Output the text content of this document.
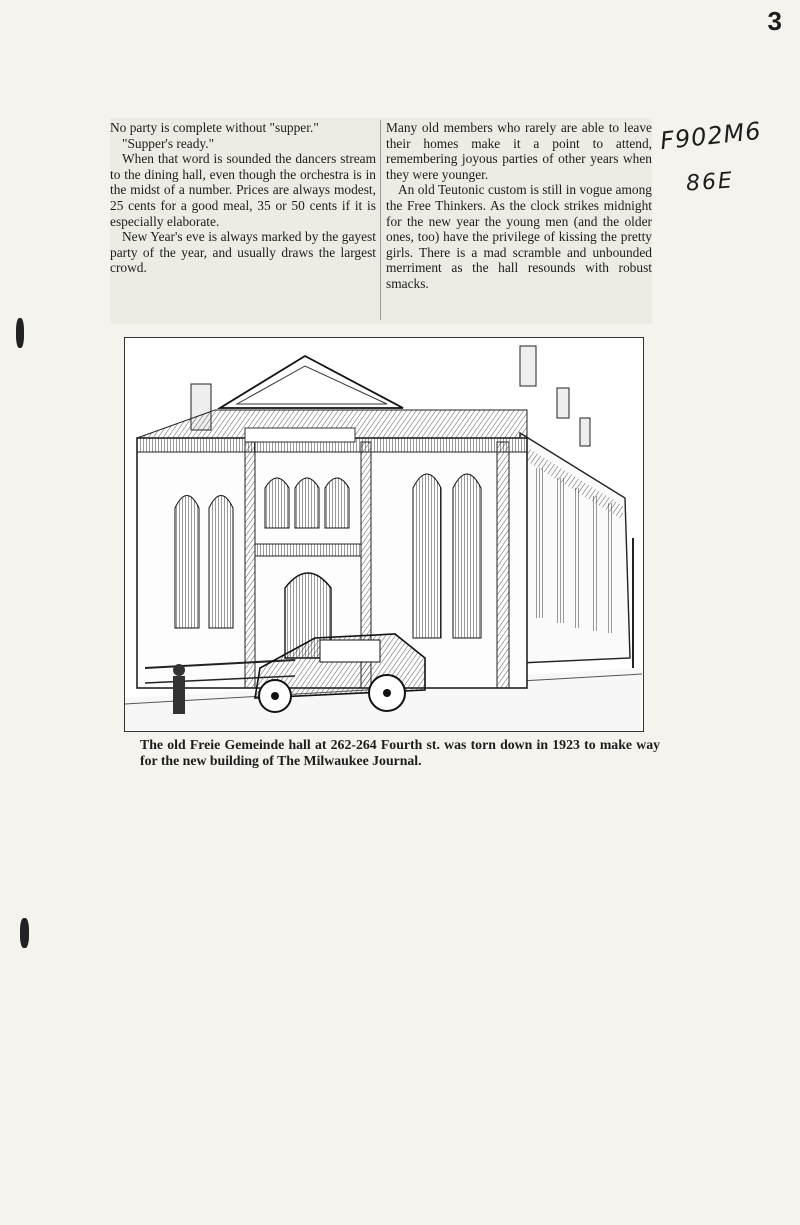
3
F902M6
86E

No party is complete without "supper."

"Supper's ready."

When that word is sounded the dancers stream to the dining hall, even though the orchestra is in the midst of a number. Prices are always modest, 25 cents for a good meal, 35 or 50 cents if it is especially elaborate.

New Year's eve is always marked by the gayest party of the year, and usually draws the largest crowd.

Many old members who rarely are able to leave their homes make it a point to attend, remembering joyous parties of other years when they were younger.

An old Teutonic custom is still in vogue among the Free Thinkers. As the clock strikes midnight for the new year the young men (and the older ones, too) have the privilege of kissing the pretty girls. There is a mad scramble and unbounded merriment as the hall resounds with robust smacks.

The old Freie Gemeinde hall at 262-264 Fourth st. was torn down in 1923 to make way for the new building of The Milwaukee Journal.
